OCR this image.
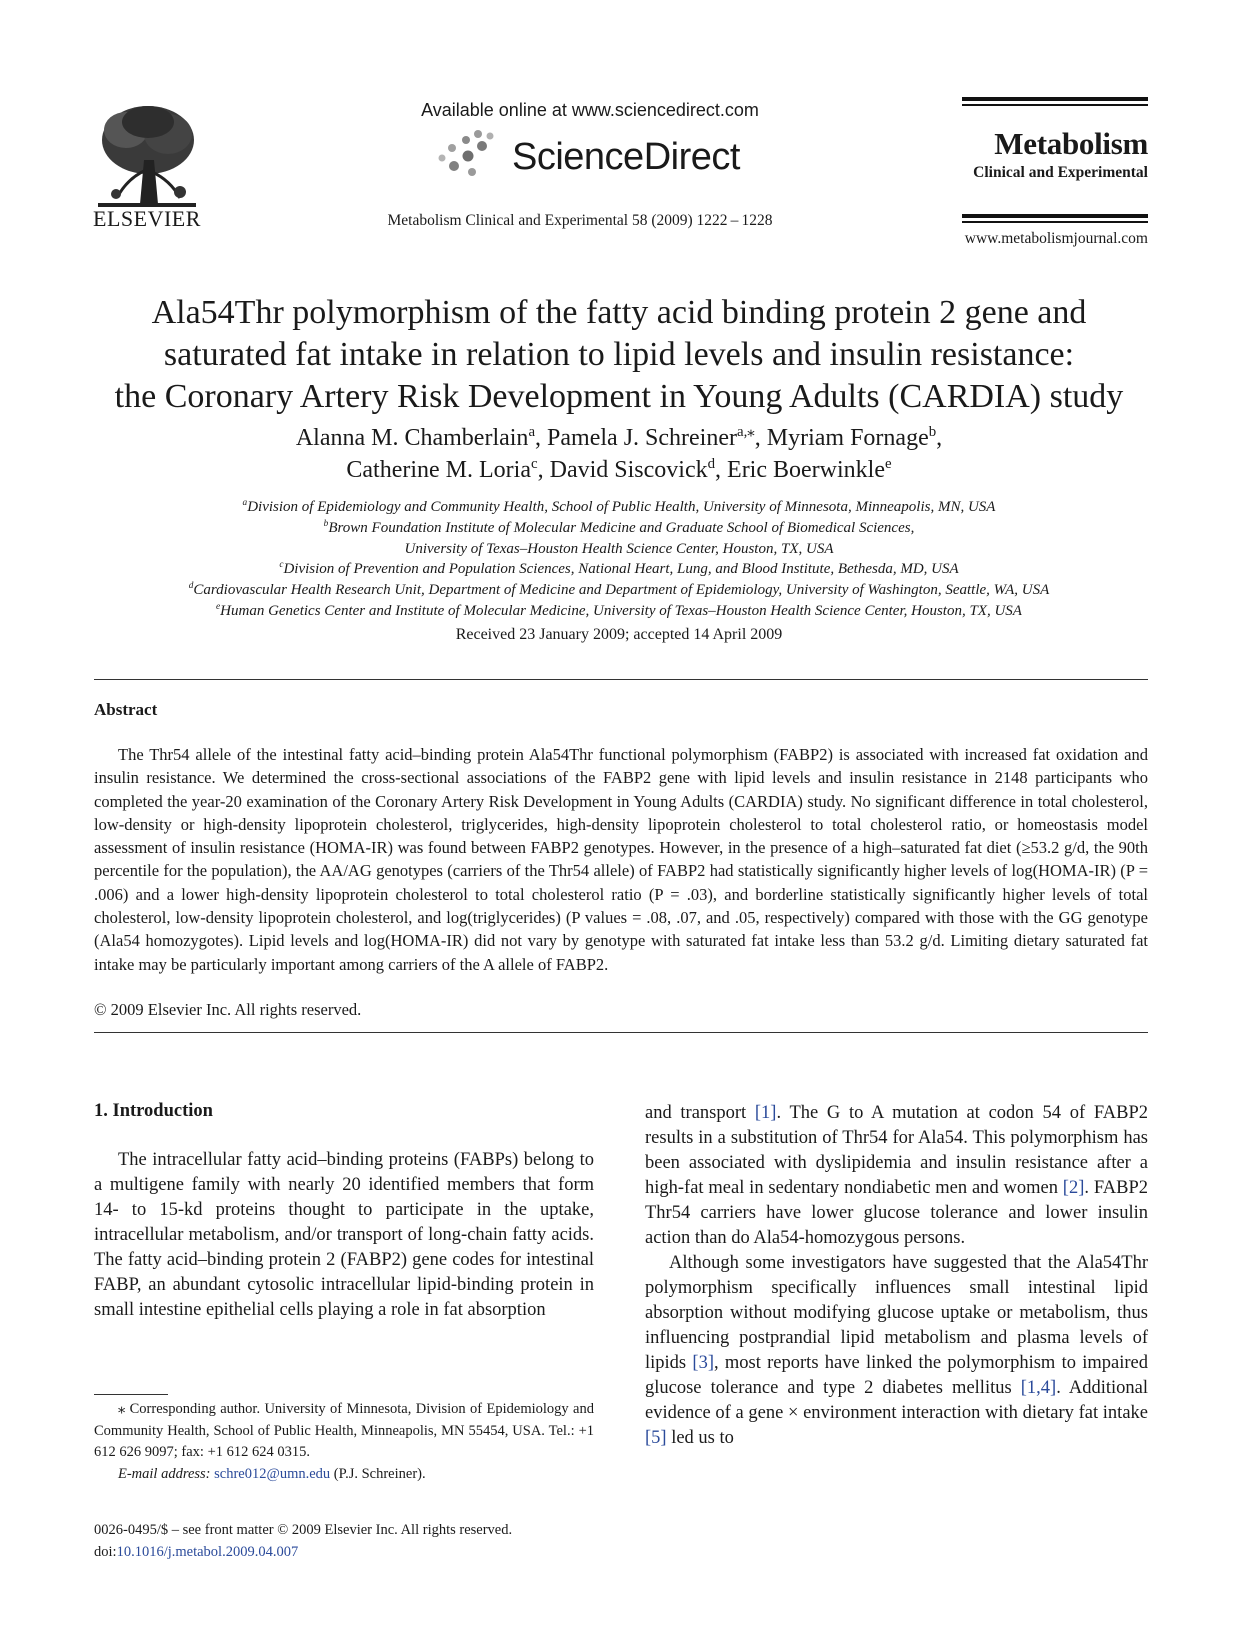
ELSEVIER
Available online at www.sciencedirect.com
ScienceDirect
Metabolism Clinical and Experimental 58 (2009) 1222 – 1228
Metabolism
Clinical and Experimental
www.metabolismjournal.com
Ala54Thr polymorphism of the fatty acid binding protein 2 gene and
saturated fat intake in relation to lipid levels and insulin resistance:
the Coronary Artery Risk Development in Young Adults (CARDIA) study
Alanna M. Chamberlain$^a$, Pamela J. Schreiner$^{a,⁎}$, Myriam Fornage$^b$,
Catherine M. Loria$^c$, David Siscovick$^d$, Eric Boerwinkle$^e$
$^a$Division of Epidemiology and Community Health, School of Public Health, University of Minnesota, Minneapolis, MN, USA
$^b$Brown Foundation Institute of Molecular Medicine and Graduate School of Biomedical Sciences,
University of Texas–Houston Health Science Center, Houston, TX, USA
$^c$Division of Prevention and Population Sciences, National Heart, Lung, and Blood Institute, Bethesda, MD, USA
$^d$Cardiovascular Health Research Unit, Department of Medicine and Department of Epidemiology, University of Washington, Seattle, WA, USA
$^e$Human Genetics Center and Institute of Molecular Medicine, University of Texas–Houston Health Science Center, Houston, TX, USA
Received 23 January 2009; accepted 14 April 2009
Abstract
The Thr54 allele of the intestinal fatty acid–binding protein Ala54Thr functional polymorphism (FABP2) is associated with increased fat oxidation and insulin resistance. We determined the cross-sectional associations of the FABP2 gene with lipid levels and insulin resistance in 2148 participants who completed the year-20 examination of the Coronary Artery Risk Development in Young Adults (CARDIA) study. No significant difference in total cholesterol, low-density or high-density lipoprotein cholesterol, triglycerides, high-density lipoprotein cholesterol to total cholesterol ratio, or homeostasis model assessment of insulin resistance (HOMA-IR) was found between FABP2 genotypes. However, in the presence of a high–saturated fat diet (≥53.2 g/d, the 90th percentile for the population), the AA/AG genotypes (carriers of the Thr54 allele) of FABP2 had statistically significantly higher levels of log(HOMA-IR) (P = .006) and a lower high-density lipoprotein cholesterol to total cholesterol ratio (P = .03), and borderline statistically significantly higher levels of total cholesterol, low-density lipoprotein cholesterol, and log(triglycerides) (P values = .08, .07, and .05, respectively) compared with those with the GG genotype (Ala54 homozygotes). Lipid levels and log(HOMA-IR) did not vary by genotype with saturated fat intake less than 53.2 g/d. Limiting dietary saturated fat intake may be particularly important among carriers of the A allele of FABP2.
© 2009 Elsevier Inc. All rights reserved.
1. Introduction

The intracellular fatty acid–binding proteins (FABPs) belong to a multigene family with nearly 20 identified members that form 14- to 15-kd proteins thought to participate in the uptake, intracellular metabolism, and/or transport of long-chain fatty acids. The fatty acid–binding protein 2 (FABP2) gene codes for intestinal FABP, an abundant cytosolic intracellular lipid-binding protein in small intestine epithelial cells playing a role in fat absorption

and transport [1]. The G to A mutation at codon 54 of FABP2 results in a substitution of Thr54 for Ala54. This polymorphism has been associated with dyslipidemia and insulin resistance after a high-fat meal in sedentary nondiabetic men and women [2]. FABP2 Thr54 carriers have lower glucose tolerance and lower insulin action than do Ala54-homozygous persons.

Although some investigators have suggested that the Ala54Thr polymorphism specifically influences small intestinal lipid absorption without modifying glucose uptake or metabolism, thus influencing postprandial lipid metabolism and plasma levels of lipids [3], most reports have linked the polymorphism to impaired glucose tolerance and type 2 diabetes mellitus [1,4]. Additional evidence of a gene × environment interaction with dietary fat intake [5] led us to

⁎ Corresponding author. University of Minnesota, Division of Epidemiology and Community Health, School of Public Health, Minneapolis, MN 55454, USA. Tel.: +1 612 626 9097; fax: +1 612 624 0315.

E-mail address: schre012@umn.edu (P.J. Schreiner).

0026-0495/$ – see front matter © 2009 Elsevier Inc. All rights reserved.
doi:10.1016/j.metabol.2009.04.007
